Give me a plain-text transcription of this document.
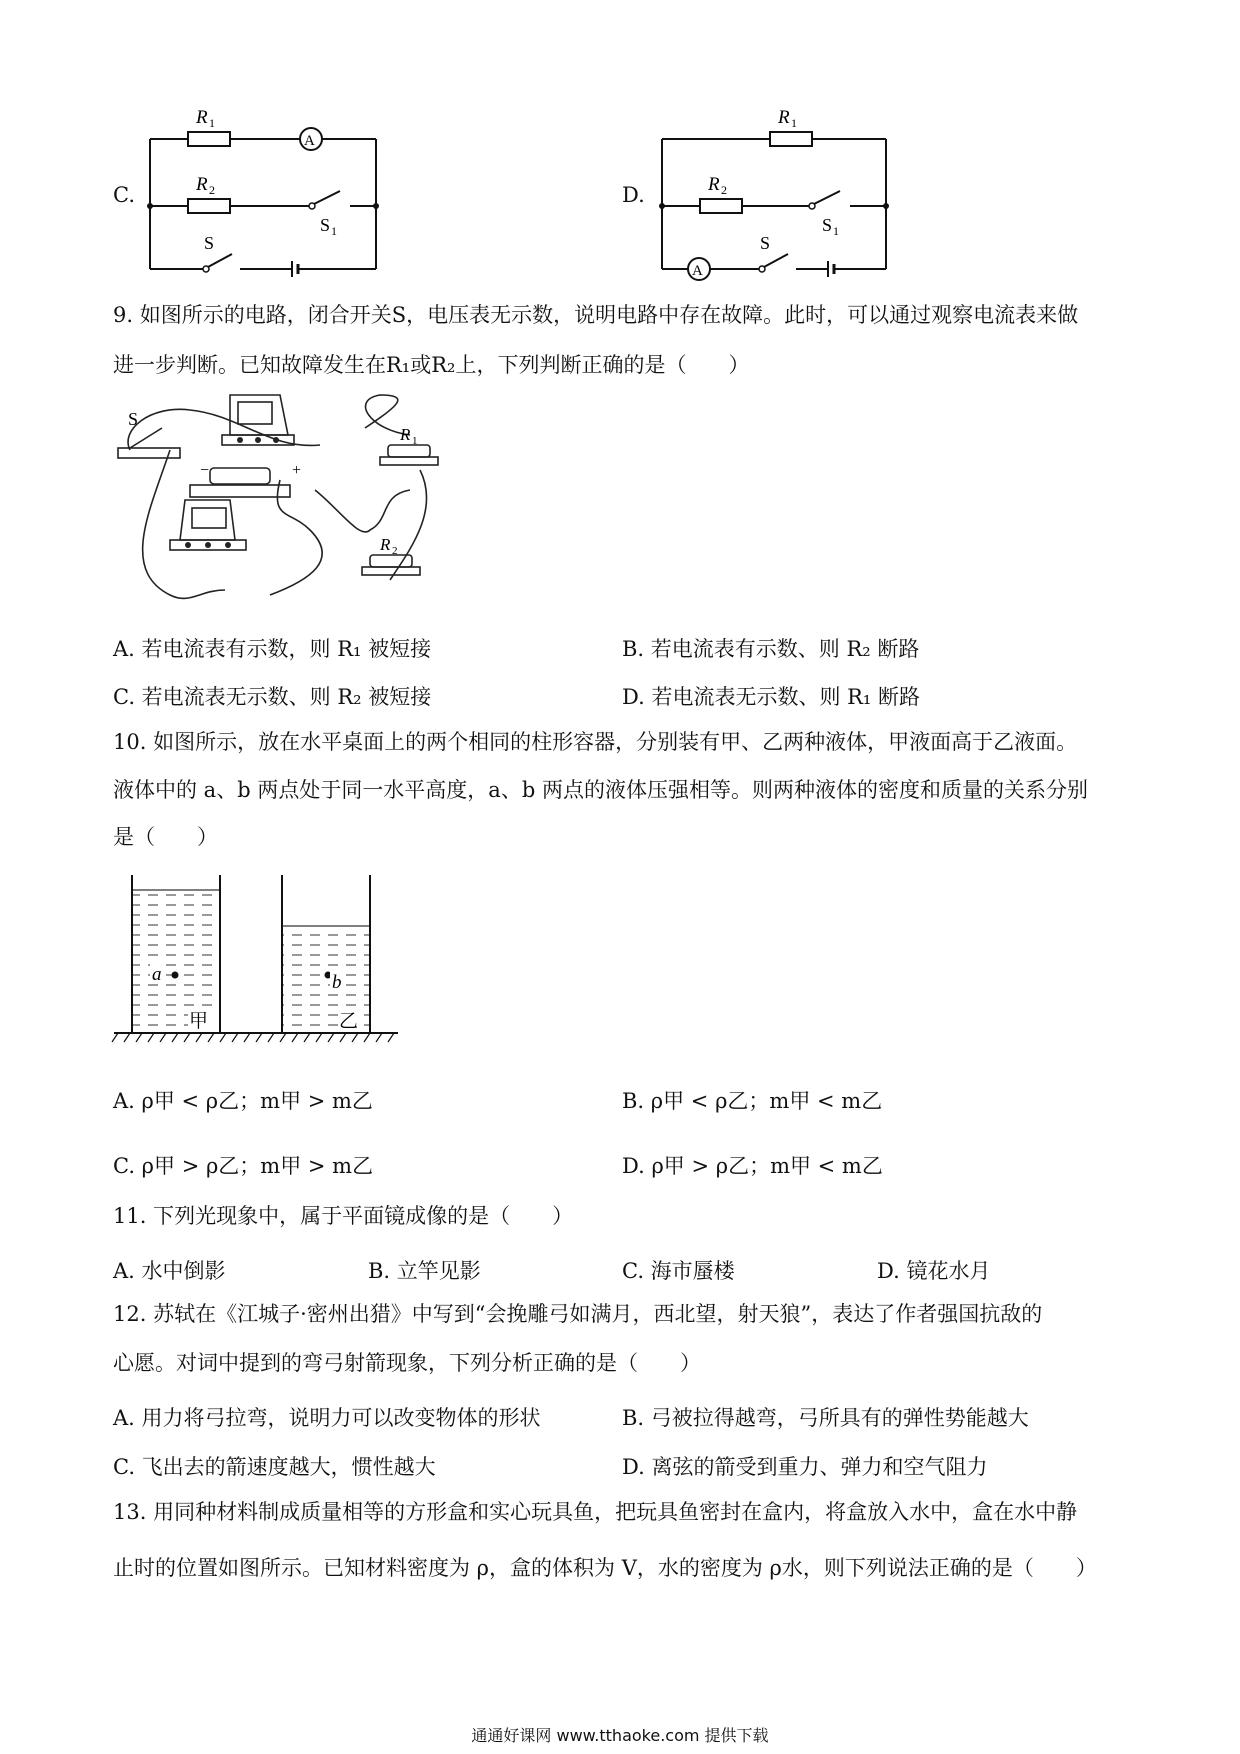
C.
R 1
A
R 2
S 1
S
D.
R 1
R 2
S 1
S
A
9. 如图所示的电路，闭合开关S，电压表无示数，说明电路中存在故障。此时，可以通过观察电流表来做
进一步判断。已知故障发生在R₁或R₂上，下列判断正确的是（　　）
S
R 1
R 2
−	+
A. 若电流表有示数，则 R₁ 被短接	B. 若电流表有示数、则 R₂ 断路
C. 若电流表无示数、则 R₂ 被短接	D. 若电流表无示数、则 R₁ 断路
10. 如图所示，放在水平桌面上的两个相同的柱形容器，分别装有甲、乙两种液体，甲液面高于乙液面。
液体中的 a、b 两点处于同一水平高度，a、b 两点的液体压强相等。则两种液体的密度和质量的关系分别
是（　　）
a	b
甲	乙
A. ρ甲 < ρ乙；m甲 > m乙	B. ρ甲 < ρ乙；m甲 < m乙
C. ρ甲 > ρ乙；m甲 > m乙	D. ρ甲 > ρ乙；m甲 < m乙
11. 下列光现象中，属于平面镜成像的是（　　）
A. 水中倒影	B. 立竿见影	C. 海市蜃楼	D. 镜花水月
12. 苏轼在《江城子·密州出猎》中写到“会挽雕弓如满月，西北望，射天狼”，表达了作者强国抗敌的
心愿。对词中提到的弯弓射箭现象，下列分析正确的是（　　）
A. 用力将弓拉弯，说明力可以改变物体的形状	B. 弓被拉得越弯，弓所具有的弹性势能越大
C. 飞出去的箭速度越大，惯性越大	D. 离弦的箭受到重力、弹力和空气阻力
13. 用同种材料制成质量相等的方形盒和实心玩具鱼，把玩具鱼密封在盒内，将盒放入水中，盒在水中静
止时的位置如图所示。已知材料密度为 ρ，盒的体积为 V，水的密度为 ρ水，则下列说法正确的是（　　）
通通好课网 www.tthaoke.com 提供下载
